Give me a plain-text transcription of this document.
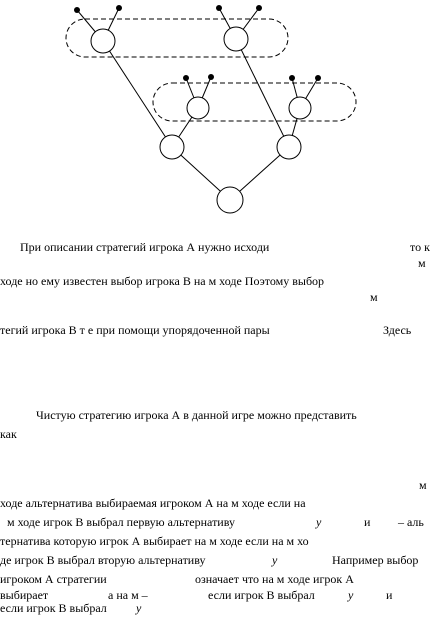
При описании стратегий игрока А нужно исходи	то к
м
ходе но ему известен выбор игрока В на м ходе Поэтому выбор
м
тегий игрока В т е при помощи упорядоченной пары	Здесь
Чистую стратегию игрока А в данной игре можно представить
как
м
ходе альтернатива выбираемая игроком А на м ходе если на
м ходе игрок В выбрал первую альтернативу	y	и – аль
тернатива которую игрок А выбирает на м ходе если на м хо
де игрок В выбрал вторую альтернативу	y	Например выбор
игроком А стратегии	означает что на м ходе игрок А
выбирает	а на м –	если игрок В выбрал	y	и
если игрок В выбрал y
